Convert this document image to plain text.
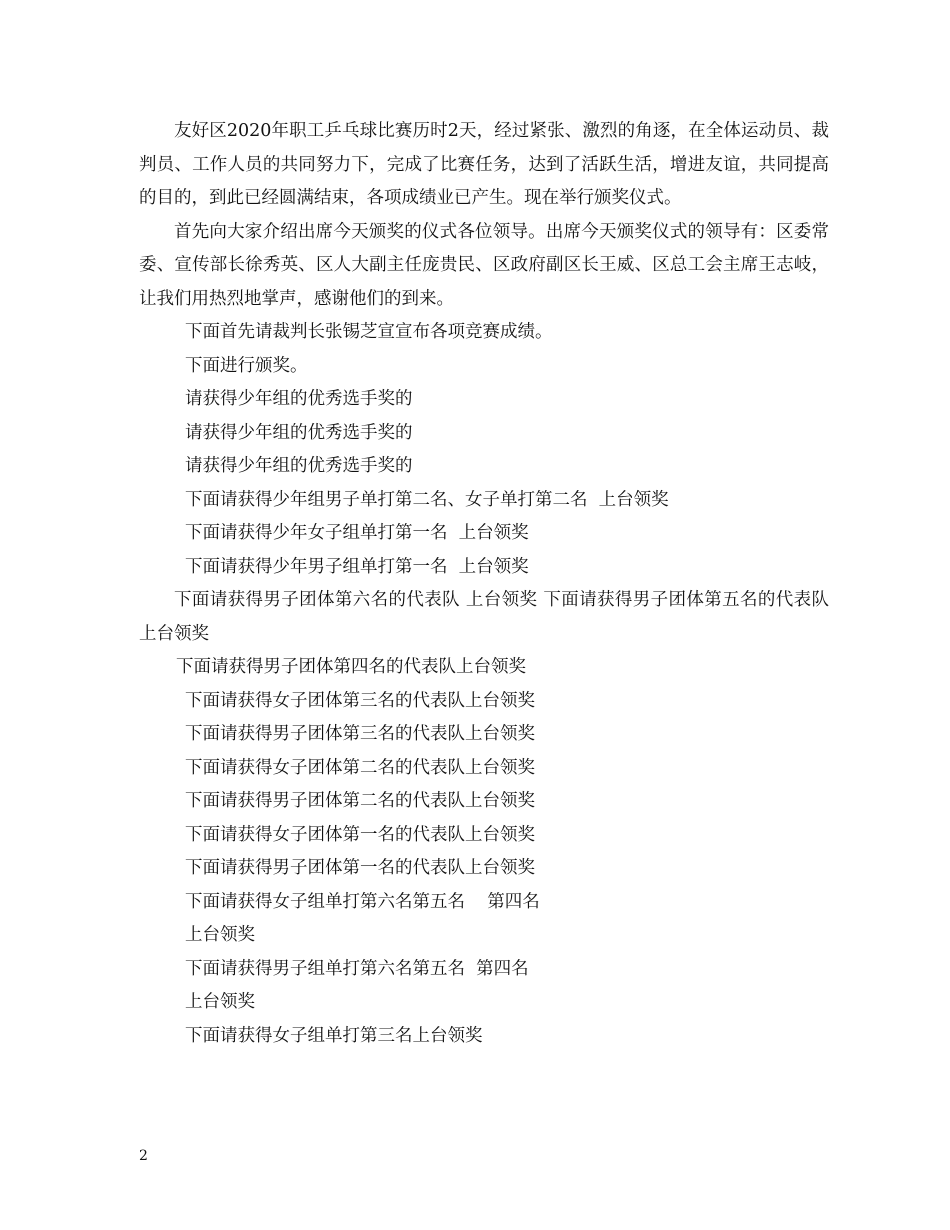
友好区2020年职工乒乓球比赛历时2天，经过紧张、激烈的角逐，在全体运动员、裁判员、工作人员的共同努力下，完成了比赛任务，达到了活跃生活，增进友谊，共同提高的目的，到此已经圆满结束，各项成绩业已产生。现在举行颁奖仪式。

首先向大家介绍出席今天颁奖的仪式各位领导。出席今天颁奖仪式的领导有：区委常委、宣传部长徐秀英、区人大副主任庞贵民、区政府副区长王威、区总工会主席王志岐，让我们用热烈地掌声，感谢他们的到来。

下面首先请裁判长张锡芝宣宣布各项竞赛成绩。

下面进行颁奖。

请获得少年组的优秀选手奖的

请获得少年组的优秀选手奖的

请获得少年组的优秀选手奖的

下面请获得少年组男子单打第二名、女子单打第二名  上台领奖

下面请获得少年女子组单打第一名  上台领奖

下面请获得少年男子组单打第一名  上台领奖

下面请获得男子团体第六名的代表队 上台领奖 下面请获得男子团体第五名的代表队 上台领奖

下面请获得男子团体第四名的代表队上台领奖

下面请获得女子团体第三名的代表队上台领奖

下面请获得男子团体第三名的代表队上台领奖

下面请获得女子团体第二名的代表队上台领奖

下面请获得男子团体第二名的代表队上台领奖

下面请获得女子团体第一名的代表队上台领奖

下面请获得男子团体第一名的代表队上台领奖

下面请获得女子组单打第六名第五名    第四名

上台领奖

下面请获得男子组单打第六名第五名  第四名

上台领奖

下面请获得女子组单打第三名上台领奖

2
